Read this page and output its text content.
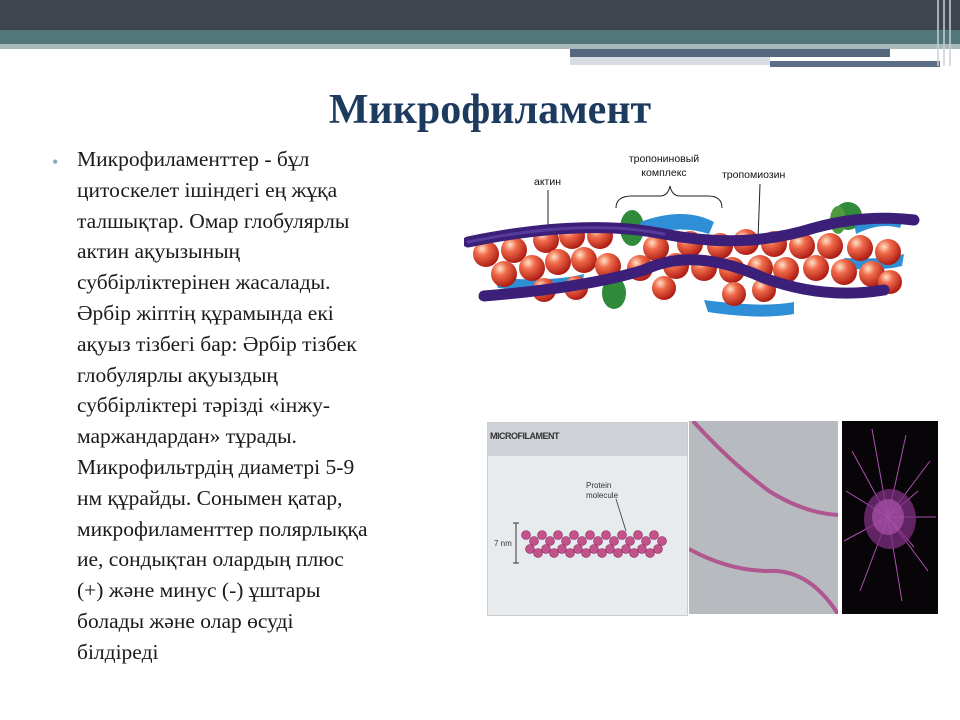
Микрофиламент
• Микрофиламенттер - бұл
цитоскелет ішіндегі ең жұқа
талшықтар. Омар глобулярлы
актин ақуызының
суббірліктерінен жасалады.
Әрбір жіптің құрамында екі
ақуыз тізбегі бар: Әрбір тізбек
глобулярлы ақуыздың
суббірліктері тәрізді «інжу-
маржандардан» тұрады.
Микрофильтрдің диаметрі 5-9
нм құрайды. Сонымен қатар,
микрофиламенттер полярлыққа
ие, сондықтан олардың плюс
(+) және минус (-) ұштары
болады және олар өсуді
білдіреді
актин
тропониновый
комплекс	тропомиозин
MICROFILAMENT
Protein
molecule
7 nm
